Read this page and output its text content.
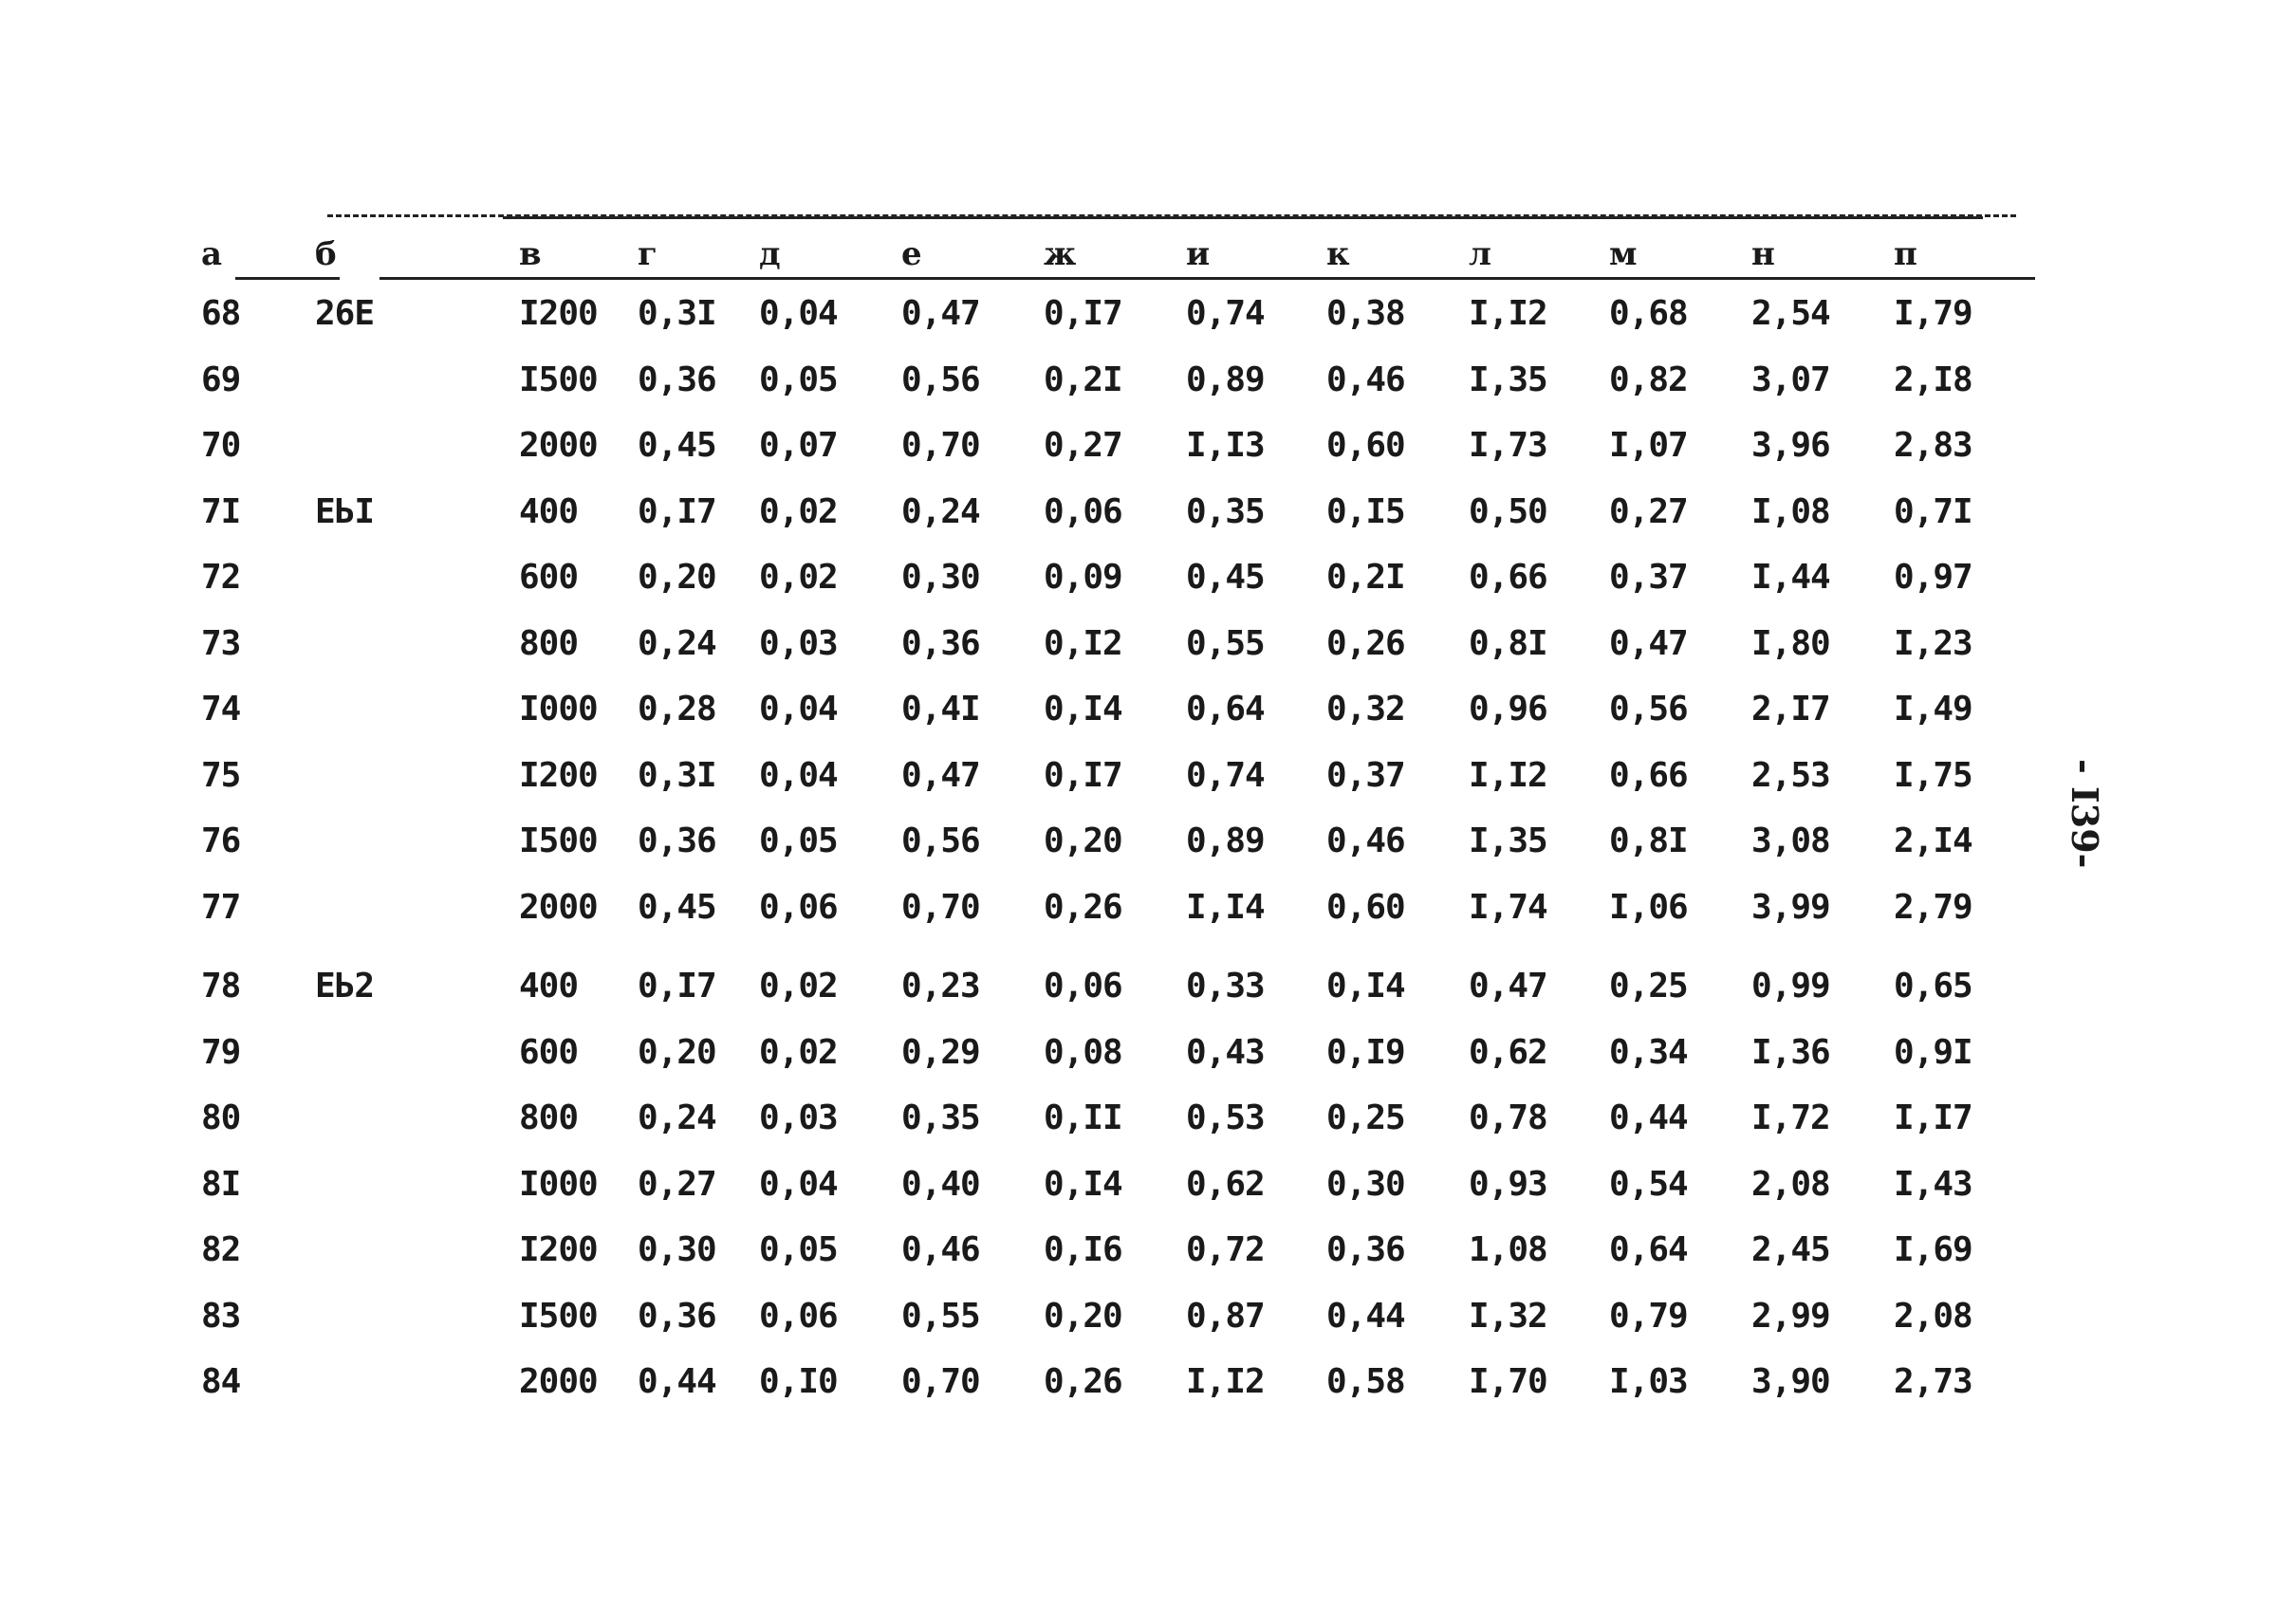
а	б	в	г	д	е	ж	и	к	л	м	н	п
68	26Е	I200	0,3I	0,04	0,47	0,I7	0,74	0,38	I,I2	0,68	2,54	I,79
69		I500	0,36	0,05	0,56	0,2I	0,89	0,46	I,35	0,82	3,07	2,I8
70		2000	0,45	0,07	0,70	0,27	I,I3	0,60	I,73	I,07	3,96	2,83
7I	ЕЬI	400	0,I7	0,02	0,24	0,06	0,35	0,I5	0,50	0,27	I,08	0,7I
72		600	0,20	0,02	0,30	0,09	0,45	0,2I	0,66	0,37	I,44	0,97
73		800	0,24	0,03	0,36	0,I2	0,55	0,26	0,8I	0,47	I,80	I,23
74		I000	0,28	0,04	0,4I	0,I4	0,64	0,32	0,96	0,56	2,I7	I,49
75		I200	0,3I	0,04	0,47	0,I7	0,74	0,37	I,I2	0,66	2,53	I,75
76		I500	0,36	0,05	0,56	0,20	0,89	0,46	I,35	0,8I	3,08	2,I4
77		2000	0,45	0,06	0,70	0,26	I,I4	0,60	I,74	I,06	3,99	2,79
78	ЕЬ2	400	0,I7	0,02	0,23	0,06	0,33	0,I4	0,47	0,25	0,99	0,65
79		600	0,20	0,02	0,29	0,08	0,43	0,I9	0,62	0,34	I,36	0,9I
80		800	0,24	0,03	0,35	0,II	0,53	0,25	0,78	0,44	I,72	I,I7
8I		I000	0,27	0,04	0,40	0,I4	0,62	0,30	0,93	0,54	2,08	I,43
82		I200	0,30	0,05	0,46	0,I6	0,72	0,36	1,08	0,64	2,45	I,69
83		I500	0,36	0,06	0,55	0,20	0,87	0,44	I,32	0,79	2,99	2,08
84		2000	0,44	0,I0	0,70	0,26	I,I2	0,58	I,70	I,03	3,90	2,73
- I39-
